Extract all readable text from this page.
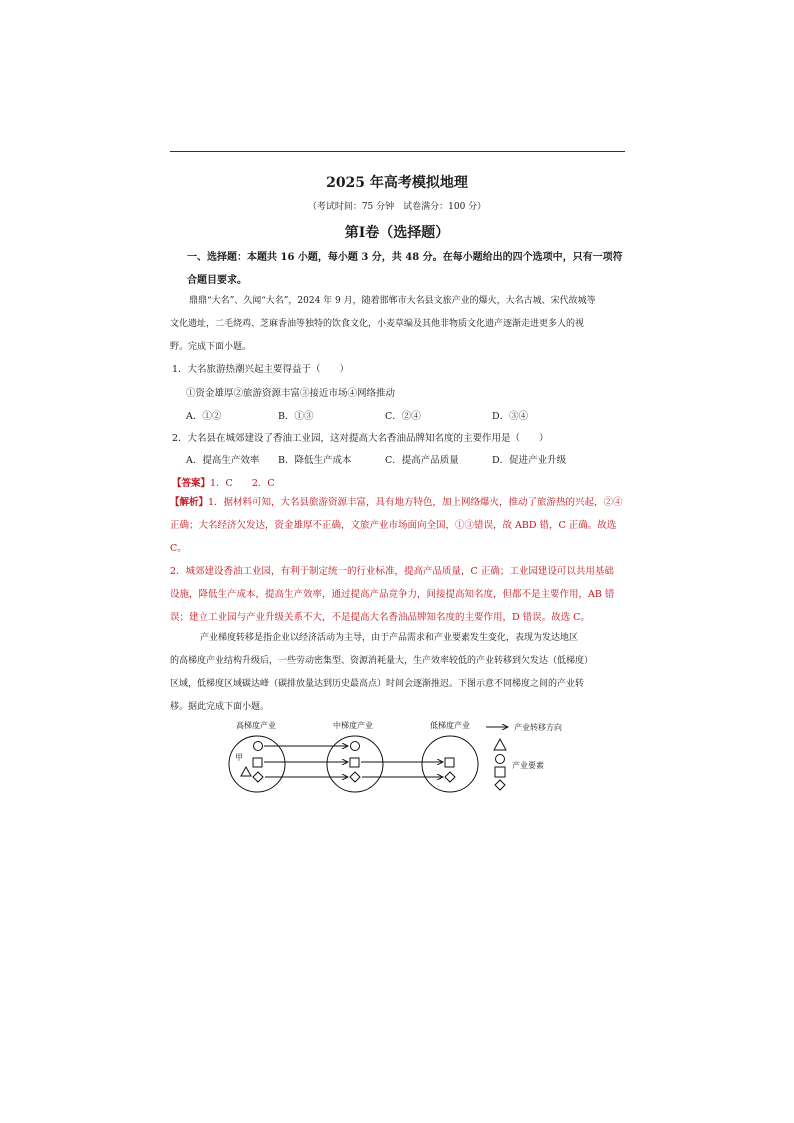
2025 年高考模拟地理
（考试时间：75 分钟　试卷满分：100 分）
第Ⅰ卷（选择题）
一、选择题：本题共 16 小题，每小题 3 分，共 48 分。在每小题给出的四个选项中，只有一项符
合题目要求。
鼎鼎“大名”、久闻“大名”，2024 年 9 月，随着邯郸市大名县文旅产业的爆火，大名古城、宋代故城等
文化遗址，二毛烧鸡、芝麻香油等独特的饮食文化，小麦草编及其他非物质文化遗产逐渐走进更多人的视
野。完成下面小题。
1．大名旅游热潮兴起主要得益于（　　）
①资金雄厚②旅游资源丰富③接近市场④网络推动
A．①②	B．①③	C．②④	D．③④
2．大名县在城郊建设了香油工业园，这对提高大名香油品牌知名度的主要作用是（　　）
A．提高生产效率 B．降低生产成本	C．提高产品质量	D．促进产业升级
【答案】1．C　　2．C
【解析】1．据材料可知，大名县旅游资源丰富，具有地方特色，加上网络爆火，推动了旅游热的兴起，②④
正确；大名经济欠发达，资金雄厚不正确，文旅产业市场面向全国，①③错误，故 ABD 错，C 正确。故选
C。
2．城郊建设香油工业园，有利于制定统一的行业标准，提高产品质量，C 正确；工业园建设可以共用基础
设施，降低生产成本，提高生产效率，通过提高产品竞争力，间接提高知名度，但都不是主要作用，AB 错
误；建立工业园与产业升级关系不大，不是提高大名香油品牌知名度的主要作用，D 错误。故选 C。
产业梯度转移是指企业以经济活动为主导，由于产品需求和产业要素发生变化，表现为发达地区
的高梯度产业结构升级后，一些劳动密集型、资源消耗量大，生产效率较低的产业转移到欠发达（低梯度）
区域，低梯度区域碳达峰（碳排放量达到历史最高点）时间会逐渐推迟。下图示意不同梯度之间的产业转
移。据此完成下面小题。
高梯度产业	中梯度产业	低梯度产业
甲
产业转移方向
产业要素
